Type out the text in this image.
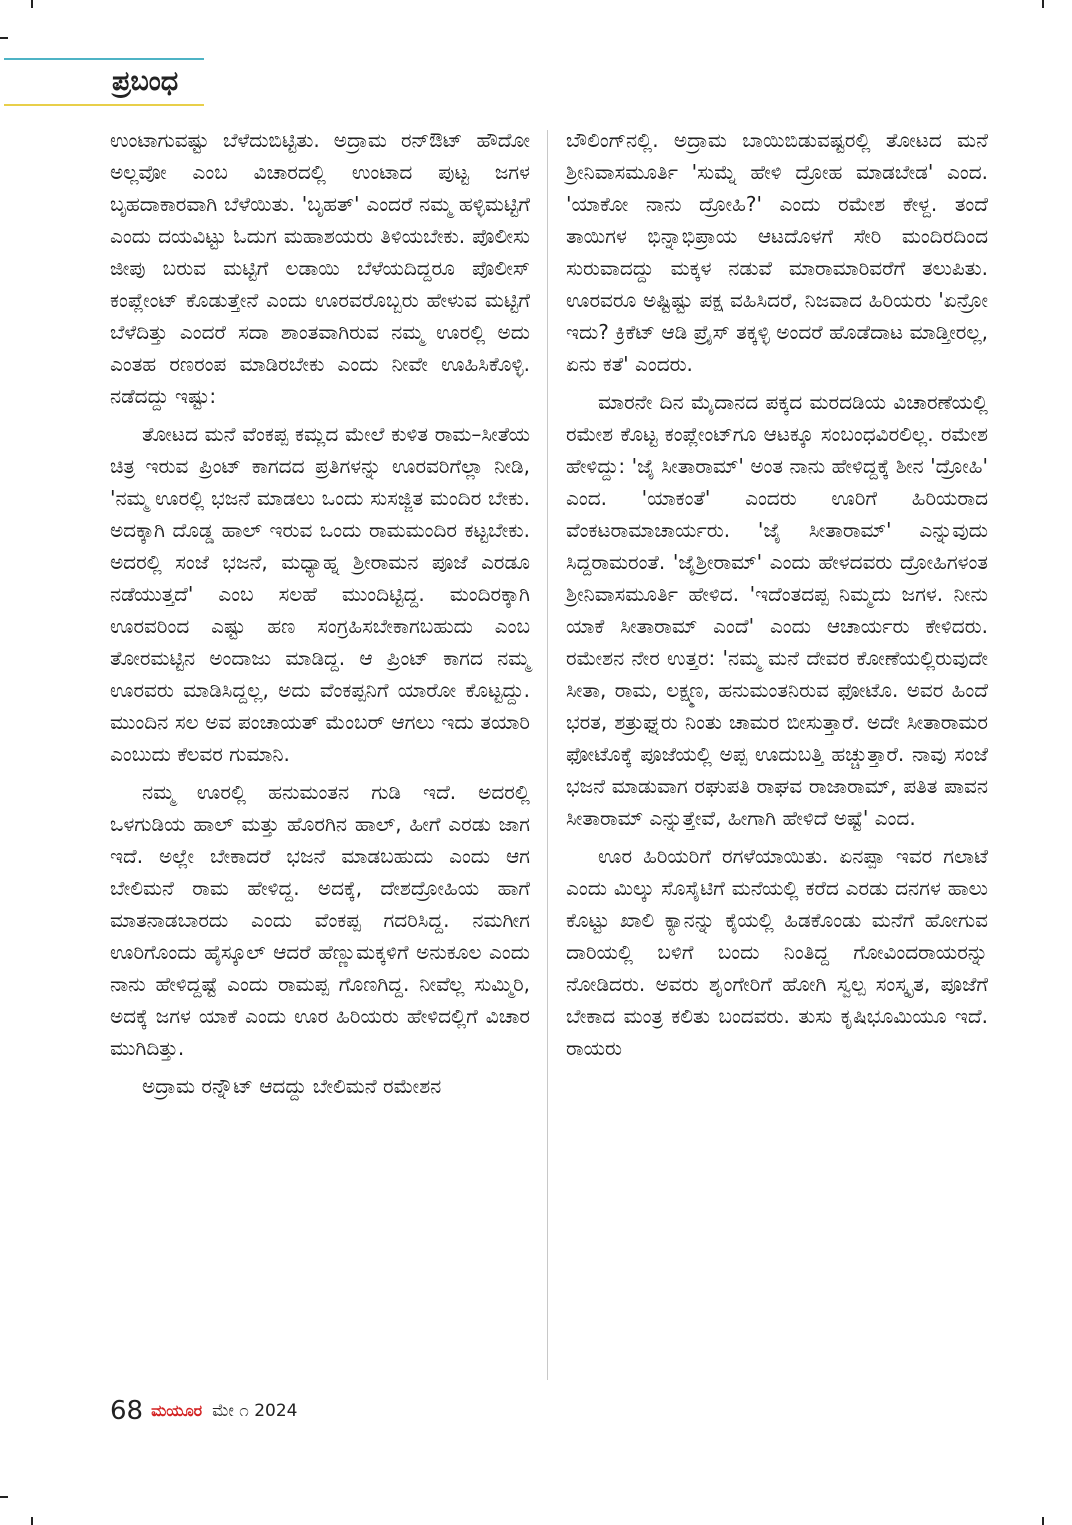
ಪ್ರಬಂಧ

ಉಂಟಾಗುವಷ್ಟು ಬೆಳೆದುಬಿಟ್ಟಿತು. ಅದ್ರಾಮ ರನ್‌ಔಟ್ ಹೌದೋ ಅಲ್ಲವೋ ಎಂಬ ವಿಚಾರದಲ್ಲಿ ಉಂಟಾದ ಪುಟ್ಟ ಜಗಳ ಬೃಹದಾಕಾರವಾಗಿ ಬೆಳೆಯಿತು. 'ಬೃಹತ್' ಎಂದರೆ ನಮ್ಮ ಹಳ್ಳಿಮಟ್ಟಿಗೆ ಎಂದು ದಯವಿಟ್ಟು ಓದುಗ ಮಹಾಶಯರು ತಿಳಿಯಬೇಕು. ಪೊಲೀಸು ಜೀಪು ಬರುವ ಮಟ್ಟಿಗೆ ಲಡಾಯಿ ಬೆಳೆಯದಿದ್ದರೂ ಪೊಲೀಸ್ ಕಂಪ್ಲೇಂಟ್ ಕೊಡುತ್ತೇನೆ ಎಂದು ಊರವರೊಬ್ಬರು ಹೇಳುವ ಮಟ್ಟಿಗೆ ಬೆಳೆದಿತ್ತು ಎಂದರೆ ಸದಾ ಶಾಂತವಾಗಿರುವ ನಮ್ಮ ಊರಲ್ಲಿ ಅದು ಎಂತಹ ರಣರಂಪ ಮಾಡಿರಬೇಕು ಎಂದು ನೀವೇ ಊಹಿಸಿಕೊಳ್ಳಿ. ನಡೆದದ್ದು ಇಷ್ಟು:

ತೋಟದ ಮನೆ ವೆಂಕಪ್ಪ ಕಮ್ಲದ ಮೇಲೆ ಕುಳಿತ ರಾಮ–ಸೀತೆಯ ಚಿತ್ರ ಇರುವ ಪ್ರಿಂಟ್ ಕಾಗದದ ಪ್ರತಿಗಳನ್ನು ಊರವರಿಗೆಲ್ಲಾ ನೀಡಿ, 'ನಮ್ಮ ಊರಲ್ಲಿ ಭಜನೆ ಮಾಡಲು ಒಂದು ಸುಸಜ್ಜಿತ ಮಂದಿರ ಬೇಕು. ಅದಕ್ಕಾಗಿ ದೊಡ್ಡ ಹಾಲ್ ಇರುವ ಒಂದು ರಾಮಮಂದಿರ ಕಟ್ಟಬೇಕು. ಅದರಲ್ಲಿ ಸಂಜೆ ಭಜನೆ, ಮಧ್ಯಾಹ್ನ ಶ್ರೀರಾಮನ ಪೂಜೆ ಎರಡೂ ನಡೆಯುತ್ತದೆ' ಎಂಬ ಸಲಹೆ ಮುಂದಿಟ್ಟಿದ್ದ. ಮಂದಿರಕ್ಕಾಗಿ ಊರವರಿಂದ ಎಷ್ಟು ಹಣ ಸಂಗ್ರಹಿಸಬೇಕಾಗಬಹುದು ಎಂಬ ತೋರಮಟ್ಟಿನ ಅಂದಾಜು ಮಾಡಿದ್ದ. ಆ ಪ್ರಿಂಟ್ ಕಾಗದ ನಮ್ಮ ಊರವರು ಮಾಡಿಸಿದ್ದಲ್ಲ, ಅದು ವೆಂಕಪ್ಪನಿಗೆ ಯಾರೋ ಕೊಟ್ಟದ್ದು. ಮುಂದಿನ ಸಲ ಅವ ಪಂಚಾಯತ್ ಮೆಂಬರ್ ಆಗಲು ಇದು ತಯಾರಿ ಎಂಬುದು ಕೆಲವರ ಗುಮಾನಿ.

ನಮ್ಮ ಊರಲ್ಲಿ ಹನುಮಂತನ ಗುಡಿ ಇದೆ. ಅದರಲ್ಲಿ ಒಳಗುಡಿಯ ಹಾಲ್ ಮತ್ತು ಹೊರಗಿನ ಹಾಲ್, ಹೀಗೆ ಎರಡು ಜಾಗ ಇದೆ. ಅಲ್ಲೇ ಬೇಕಾದರೆ ಭಜನೆ ಮಾಡಬಹುದು ಎಂದು ಆಗ ಬೇಲಿಮನೆ ರಾಮ ಹೇಳಿದ್ದ. ಅದಕ್ಕೆ, ದೇಶದ್ರೋಹಿಯ ಹಾಗೆ ಮಾತನಾಡಬಾರದು ಎಂದು ವೆಂಕಪ್ಪ ಗದರಿಸಿದ್ದ. ನಮಗೀಗ ಊರಿಗೊಂದು ಹೈಸ್ಕೂಲ್ ಆದರೆ ಹೆಣ್ಣುಮಕ್ಕಳಿಗೆ ಅನುಕೂಲ ಎಂದು ನಾನು ಹೇಳಿದ್ದಷ್ಟೆ ಎಂದು ರಾಮಪ್ಪ ಗೊಣಗಿದ್ದ. ನೀವೆಲ್ಲ ಸುಮ್ಮಿರಿ, ಅದಕ್ಕೆ ಜಗಳ ಯಾಕೆ ಎಂದು ಊರ ಹಿರಿಯರು ಹೇಳಿದಲ್ಲಿಗೆ ವಿಚಾರ ಮುಗಿದಿತ್ತು.

ಅದ್ರಾಮ ರನ್ನೌಟ್ ಆದದ್ದು ಬೇಲಿಮನೆ ರಮೇಶನ

ಬೌಲಿಂಗ್‌ನಲ್ಲಿ. ಅದ್ರಾಮ ಬಾಯಿಬಿಡುವಷ್ಟರಲ್ಲಿ ತೋಟದ ಮನೆ ಶ್ರೀನಿವಾಸಮೂರ್ತಿ 'ಸುಮ್ನೆ ಹೇಳಿ ದ್ರೋಹ ಮಾಡಬೇಡ' ಎಂದ. 'ಯಾಕೋ ನಾನು ದ್ರೋಹಿ?' ಎಂದು ರಮೇಶ ಕೇಳ್ದ. ತಂದೆ ತಾಯಿಗಳ ಭಿನ್ನಾಭಿಪ್ರಾಯ ಆಟದೊಳಗೆ ಸೇರಿ ಮಂದಿರದಿಂದ ಸುರುವಾದದ್ದು ಮಕ್ಕಳ ನಡುವೆ ಮಾರಾಮಾರಿವರೆಗೆ ತಲುಪಿತು. ಊರವರೂ ಅಷ್ಟಿಷ್ಟು ಪಕ್ಷ ವಹಿಸಿದರೆ, ನಿಜವಾದ ಹಿರಿಯರು 'ಏನ್ರೋ ಇದು? ಕ್ರಿಕೆಟ್ ಆಡಿ ಪ್ರೈಸ್ ತಕ್ಕಳ್ಳಿ ಅಂದರೆ ಹೊಡೆದಾಟ ಮಾಡ್ತೀರಲ್ಲ, ಏನು ಕತೆ' ಎಂದರು.

ಮಾರನೇ ದಿನ ಮೈದಾನದ ಪಕ್ಕದ ಮರದಡಿಯ ವಿಚಾರಣೆಯಲ್ಲಿ ರಮೇಶ ಕೊಟ್ಟ ಕಂಪ್ಲೇಂಟ್‌ಗೂ ಆಟಕ್ಕೂ ಸಂಬಂಧವಿರಲಿಲ್ಲ. ರಮೇಶ ಹೇಳಿದ್ದು: 'ಜೈ ಸೀತಾರಾಮ್' ಅಂತ ನಾನು ಹೇಳಿದ್ದಕ್ಕೆ ಶೀನ 'ದ್ರೋಹಿ' ಎಂದ. 'ಯಾಕಂತೆ' ಎಂದರು ಊರಿಗೆ ಹಿರಿಯರಾದ ವೆಂಕಟರಾಮಾಚಾರ್ಯರು. 'ಜೈ ಸೀತಾರಾಮ್' ಎನ್ನುವುದು ಸಿದ್ದರಾಮರಂತೆ. 'ಜೈಶ್ರೀರಾಮ್' ಎಂದು ಹೇಳದವರು ದ್ರೋಹಿಗಳಂತ ಶ್ರೀನಿವಾಸಮೂರ್ತಿ ಹೇಳಿದ. 'ಇದೆಂತದಪ್ಪ ನಿಮ್ಮದು ಜಗಳ. ನೀನು ಯಾಕೆ ಸೀತಾರಾಮ್ ಎಂದೆ' ಎಂದು ಆಚಾರ್ಯರು ಕೇಳಿದರು. ರಮೇಶನ ನೇರ ಉತ್ತರ: 'ನಮ್ಮ ಮನೆ ದೇವರ ಕೋಣೆಯಲ್ಲಿರುವುದೇ ಸೀತಾ, ರಾಮ, ಲಕ್ಷ್ಮಣ, ಹನುಮಂತನಿರುವ ಫೋಟೊ. ಅವರ ಹಿಂದೆ ಭರತ, ಶತ್ರುಘ್ನರು ನಿಂತು ಚಾಮರ ಬೀಸುತ್ತಾರೆ. ಅದೇ ಸೀತಾರಾಮರ ಫೋಟೊಕ್ಕೆ ಪೂಜೆಯಲ್ಲಿ ಅಪ್ಪ ಊದುಬತ್ತಿ ಹಚ್ಚುತ್ತಾರೆ. ನಾವು ಸಂಜೆ ಭಜನೆ ಮಾಡುವಾಗ ರಘುಪತಿ ರಾಘವ ರಾಜಾರಾಮ್, ಪತಿತ ಪಾವನ ಸೀತಾರಾಮ್ ಎನ್ನುತ್ತೇವೆ, ಹೀಗಾಗಿ ಹೇಳಿದೆ ಅಷ್ಟೆ' ಎಂದ.

ಊರ ಹಿರಿಯರಿಗೆ ರಗಳೆಯಾಯಿತು. ಏನಪ್ಪಾ ಇವರ ಗಲಾಟೆ ಎಂದು ಮಿಲ್ಕು ಸೊಸೈಟಿಗೆ ಮನೆಯಲ್ಲಿ ಕರೆದ ಎರಡು ದನಗಳ ಹಾಲು ಕೊಟ್ಟು ಖಾಲಿ ಕ್ಯಾನನ್ನು ಕೈಯಲ್ಲಿ ಹಿಡಕೊಂಡು ಮನೆಗೆ ಹೋಗುವ ದಾರಿಯಲ್ಲಿ ಬಳಿಗೆ ಬಂದು ನಿಂತಿದ್ದ ಗೋವಿಂದರಾಯರನ್ನು ನೋಡಿದರು. ಅವರು ಶೃಂಗೇರಿಗೆ ಹೋಗಿ ಸ್ವಲ್ಪ ಸಂಸ್ಕೃತ, ಪೂಜೆಗೆ ಬೇಕಾದ ಮಂತ್ರ ಕಲಿತು ಬಂದವರು. ತುಸು ಕೃಷಿಭೂಮಿಯೂ ಇದೆ. ರಾಯರು

68 ಮಯೂರ ಮೇ ೧ 2024
